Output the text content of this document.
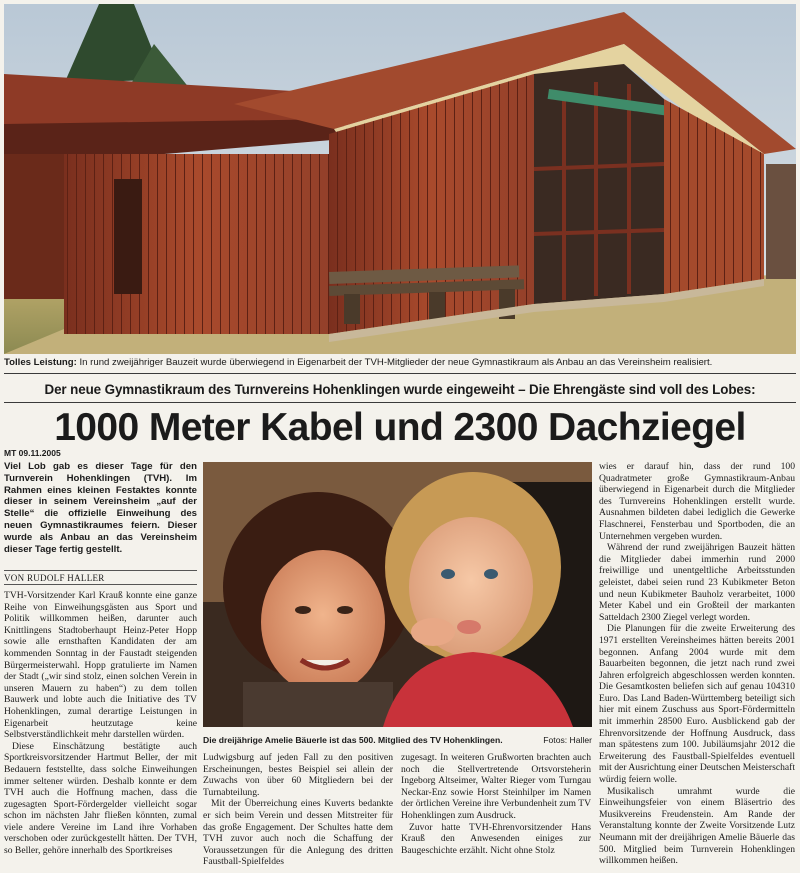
Tolles Leistung: In rund zweijähriger Bauzeit wurde überwiegend in Eigenarbeit der TVH-Mitglieder der neue Gymnastikraum als Anbau an das Vereinsheim realisiert.
Der neue Gymnastikraum des Turnvereins Hohenklingen wurde eingeweiht – Die Ehrengäste sind voll des Lobes:
1000 Meter Kabel und 2300 Dachziegel
MT 09.11.2005
Viel Lob gab es dieser Tage für den Turnverein Hohenklingen (TVH). Im Rahmen eines kleinen Festaktes konnte dieser in seinem Vereinsheim „auf der Stelle“ die offizielle Einweihung des neuen Gymnastikraumes feiern. Dieser wurde als Anbau an das Vereinsheim dieser Tage fertig gestellt.
VON RUDOLF HALLER

TVH-Vorsitzender Karl Krauß konnte eine ganze Reihe von Einweihungsgästen aus Sport und Politik willkommen heißen, darunter auch Knittlingens Stadtoberhaupt Heinz-Peter Hopp sowie alle ernsthaften Kandidaten der am kommenden Sonntag in der Faustadt steigenden Bürgermeisterwahl. Hopp gratulierte im Namen der Stadt („wir sind stolz, einen solchen Verein in unseren Mauern zu haben“) zu dem tollen Bauwerk und lobte auch die Initiative des TV Hohenklingen, zumal derartige Leistungen in Eigenarbeit heutzutage keine Selbstverständlichkeit mehr darstellen würden.

Diese Einschätzung bestätigte auch Sportkreisvorsitzender Hartmut Beller, der mit Bedauern feststellte, dass solche Einweihungen immer seltener würden. Deshalb konnte er dem TVH auch die Hoffnung machen, dass die zugesagten Sport-Fördergelder vielleicht sogar schon im nächsten Jahr fließen könnten, zumal viele andere Vereine im Land ihre Vorhaben verschoben oder zurückgestellt hätten. Der TVH, so Beller, gehöre innerhalb des Sportkreises

Die dreijährige Amelie Bäuerle ist das 500. Mitglied des TV Hohenklingen.	Fotos: Haller

Ludwigsburg auf jeden Fall zu den positiven Erscheinungen, bestes Beispiel sei allein der Zuwachs von über 60 Mitgliedern bei der Turnabteilung.

Mit der Überreichung eines Kuverts bedankte er sich beim Verein und dessen Mitstreiter für das große Engagement. Der Schultes hatte dem TVH zuvor auch noch die Schaffung der Voraussetzungen für die Anlegung des dritten Faustball-Spielfeldes

zugesagt. In weiteren Grußworten brachten auch noch die Stellvertretende Ortsvorsteherin Ingeborg Altseimer, Walter Rieger vom Turngau Neckar-Enz sowie Horst Steinhilper im Namen der örtlichen Vereine ihre Verbundenheit zum TV Hohenklingen zum Ausdruck.

Zuvor hatte TVH-Ehrenvorsitzender Hans Krauß den Anwesenden einiges zur Baugeschichte erzählt. Nicht ohne Stolz

wies er darauf hin, dass der rund 100 Quadratmeter große Gymnastikraum-Anbau überwiegend in Eigenarbeit durch die Mitglieder des Turnvereins Hohenklingen erstellt wurde. Ausnahmen bildeten dabei lediglich die Gewerke Flaschnerei, Fensterbau und Sportboden, die an Unternehmen vergeben wurden.

Während der rund zweijährigen Bauzeit hätten die Mitglieder dabei immerhin rund 2000 freiwillige und unentgeltliche Arbeitsstunden geleistet, dabei seien rund 23 Kubikmeter Beton und neun Kubikmeter Bauholz verarbeitet, 1000 Meter Kabel und ein Großteil der markanten Satteldach 2300 Ziegel verlegt worden.

Die Planungen für die zweite Erweiterung des 1971 erstellten Vereinsheimes hätten bereits 2001 begonnen. Anfang 2004 wurde mit dem Bauarbeiten begonnen, die jetzt nach rund zwei Jahren erfolgreich abgeschlossen werden konnten. Die Gesamtkosten beliefen sich auf genau 104310 Euro. Das Land Baden-Württemberg beteiligt sich hier mit einem Zuschuss aus Sport-Fördermitteln mit immerhin 28500 Euro. Ausblickend gab der Ehrenvorsitzende der Hoffnung Ausdruck, dass man spätestens zum 100. Jubiläumsjahr 2012 die Erweiterung des Faustball-Spielfeldes eventuell mit der Ausrichtung einer Deutschen Meisterschaft würdig feiern wolle.

Musikalisch umrahmt wurde die Einweihungsfeier von einem Bläsertrio des Musikvereins Freudenstein. Am Rande der Veranstaltung konnte der Zweite Vorsitzende Lutz Neumann mit der dreijährigen Amelie Bäuerle das 500. Mitglied beim Turnverein Hohenklingen willkommen heißen.
